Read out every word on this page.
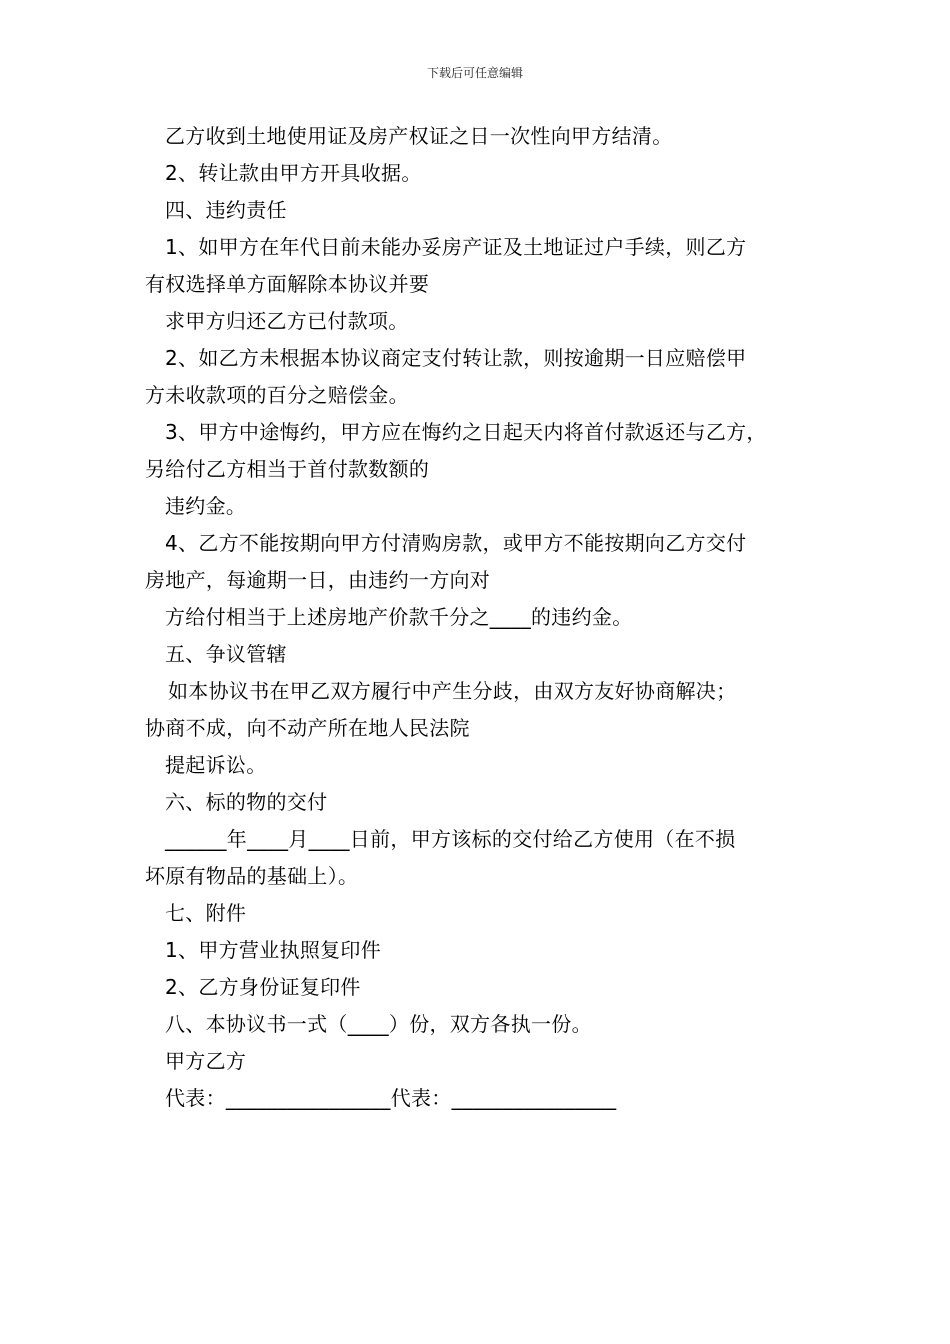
下载后可任意编辑
乙方收到土地使用证及房产权证之日一次性向甲方结清。
2、转让款由甲方开具收据。
四、违约责任
1、如甲方在年代日前未能办妥房产证及土地证过户手续，则乙方
有权选择单方面解除本协议并要
求甲方归还乙方已付款项。
2、如乙方未根据本协议商定支付转让款，则按逾期一日应赔偿甲
方未收款项的百分之赔偿金。
3、甲方中途悔约，甲方应在悔约之日起天内将首付款返还与乙方，
另给付乙方相当于首付款数额的
违约金。
4、乙方不能按期向甲方付清购房款，或甲方不能按期向乙方交付
房地产，每逾期一日，由违约一方向对
方给付相当于上述房地产价款千分之____的违约金。
五、争议管辖
如本协议书在甲乙双方履行中产生分歧，由双方友好协商解决；
协商不成，向不动产所在地人民法院
提起诉讼。
六、标的物的交付
______年____月____日前，甲方该标的交付给乙方使用（在不损
坏原有物品的基础上）。
七、附件
1、甲方营业执照复印件
2、乙方身份证复印件
八、本协议书一式（____）份，双方各执一份。
甲方乙方
代表：________________代表：________________
